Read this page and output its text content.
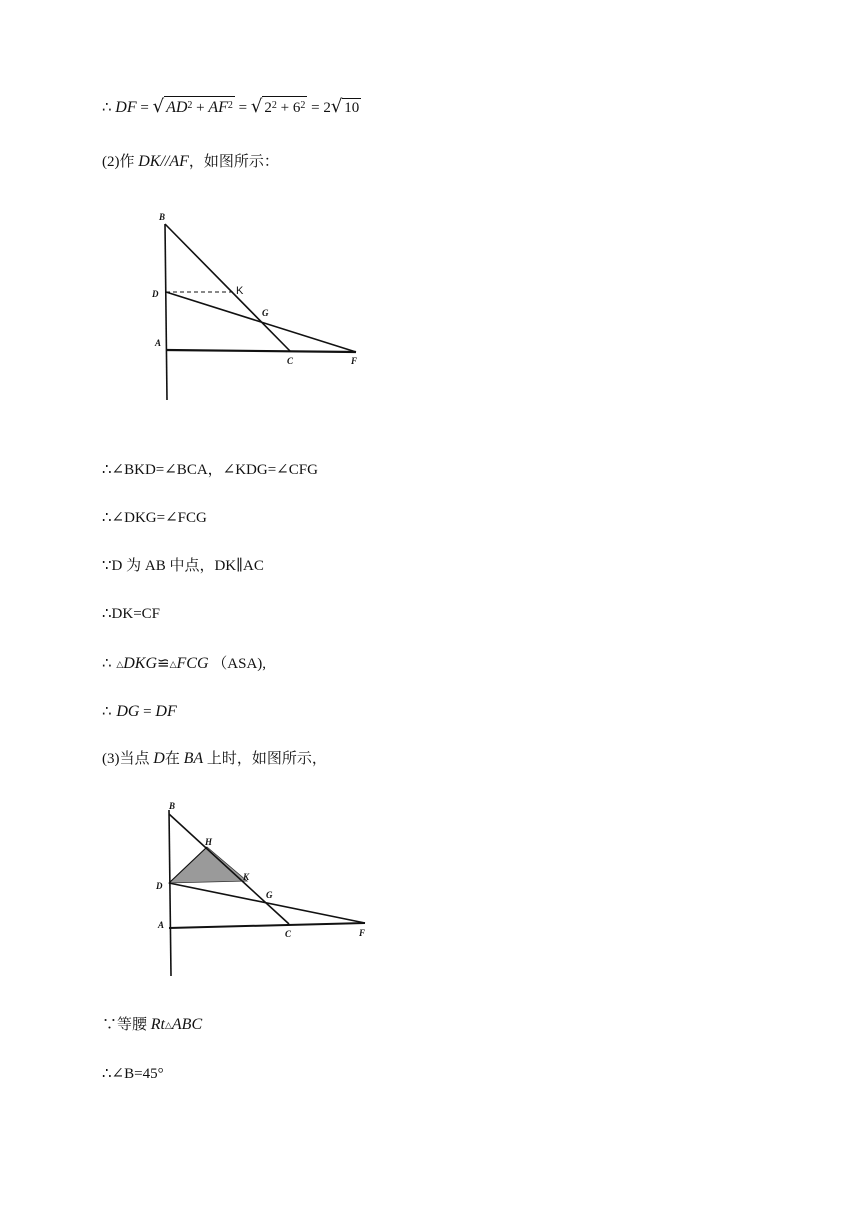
∴ DF = √ $AD^2 + AF^2$ = √ $2^2 + 6^2 = 2√$ 10
(2)作 DK//AF，如图所示：
B
D	K
G
A
C	F
∴∠BKD=∠BCA，∠KDG=∠CFG
∴∠DKG=∠FCG
∵D 为 AB 中点，DK∥AC
∴DK=CF
∴ △DKG≌△FCG （ASA),
∴ DG = DF
(3)当点 D在 BA 上时，如图所示，
B
H
D
K
G
A
C	F
∵等腰 Rt△ABC
∴∠B=45°
